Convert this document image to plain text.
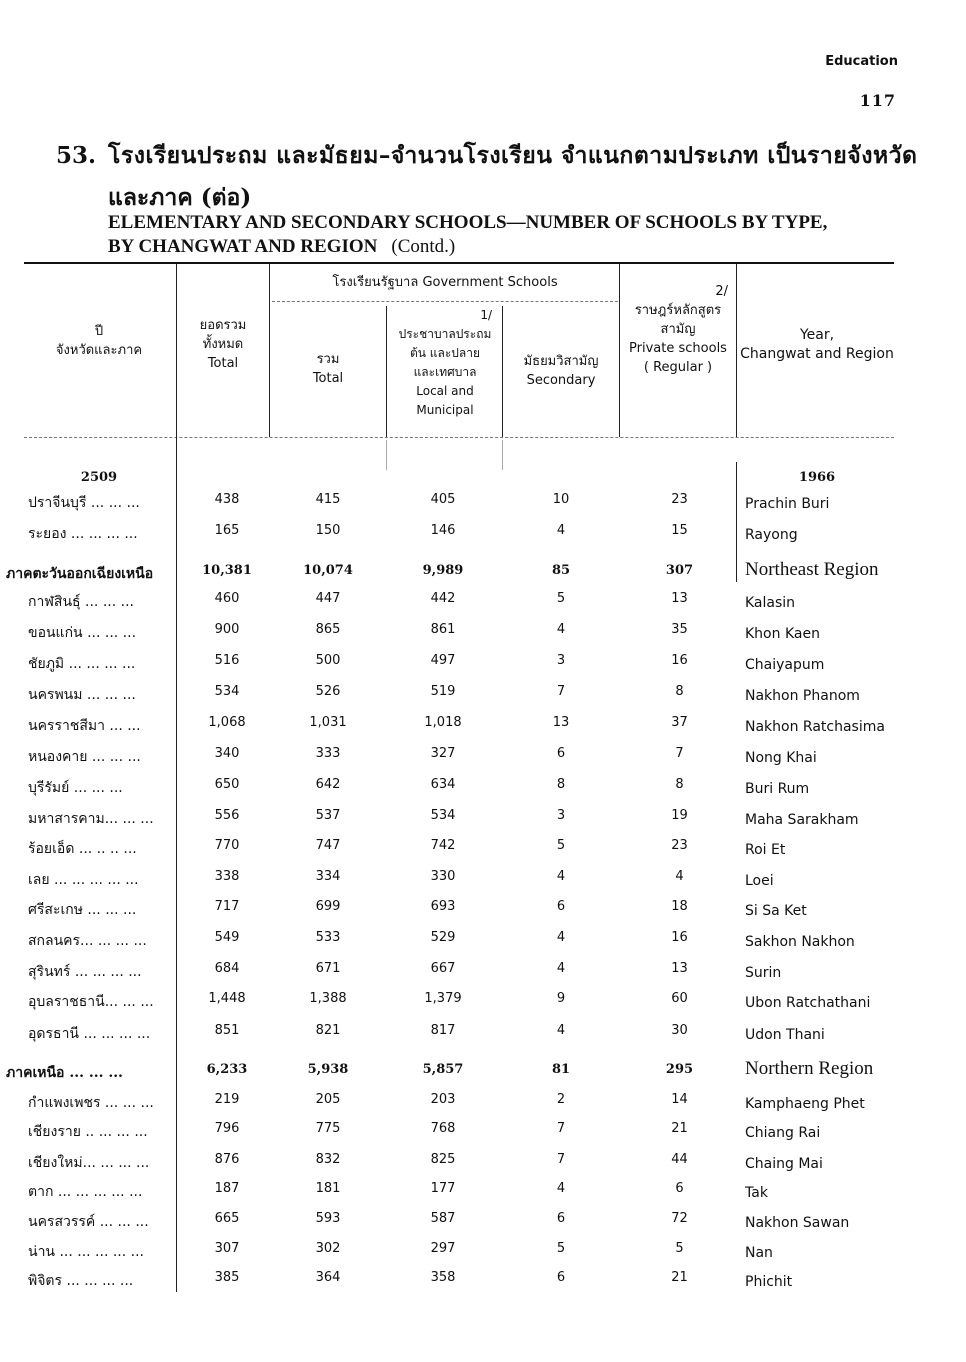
Education
117
53. โรงเรียนประถม และมัธยม–จำนวนโรงเรียน จำแนกตามประเภท เป็นรายจังหวัด
และภาค (ต่อ)
ELEMENTARY AND SECONDARY SCHOOLS—NUMBER OF SCHOOLS BY TYPE,
BY CHANGWAT AND REGION (Contd.)
ปี
จังหวัดและภาค
ยอดรวม ทั้งหมด
Total
โรงเรียนรัฐบาล Government Schools
รวม
Total
1/
ประชาบาลประถม
ต้น และปลาย
และเทศบาล
Local and
Municipal
มัธยมวิสามัญ
Secondary
2/
ราษฎร์หลักสูตร
สามัญ
Private schools
( Regular )
Year,
Changwat and Region
2509	1966
ปราจีนบุรี ... ... ...	438	415	405	10	23	Prachin Buri
ระยอง ... ... ... ...	165	150	146	4	15	Rayong
ภาคตะวันออกเฉียงเหนือ	10,381	10,074	9,989	85	307	Northeast Region
กาฬสินธุ์ ... ... ...	460	447	442	5	13	Kalasin
ขอนแก่น ... ... ...	900	865	861	4	35	Khon Kaen
ชัยภูมิ ... ... ... ...	516	500	497	3	16	Chaiyapum
นครพนม ... ... ...	534	526	519	7	8	Nakhon Phanom
นครราชสีมา ... ...	1,068	1,031	1,018	13	37	Nakhon Ratchasima
หนองคาย ... ... ...	340	333	327	6	7	Nong Khai
บุรีรัมย์ ... ... ...	650	642	634	8	8	Buri Rum
มหาสารคาม... ... ...	556	537	534	3	19	Maha Sarakham
ร้อยเอ็ด ... .. .. ...	770	747	742	5	23	Roi Et
เลย ... ... ... ... ...	338	334	330	4	4	Loei
ศรีสะเกษ ... ... ...	717	699	693	6	18	Si Sa Ket
สกลนคร... ... ... ...	549	533	529	4	16	Sakhon Nakhon
สุรินทร์ ... ... ... ...	684	671	667	4	13	Surin
อุบลราชธานี... ... ...	1,448	1,388	1,379	9	60	Ubon Ratchathani
อุดรธานี ... ... ... ...	851	821	817	4	30	Udon Thani
ภาคเหนือ ... ... ...	6,233	5,938	5,857	81	295	Northern Region
กำแพงเพชร ... ... ...	219	205	203	2	14	Kamphaeng Phet
เชียงราย .. ... ... ...	796	775	768	7	21	Chiang Rai
เชียงใหม่... ... ... ...	876	832	825	7	44	Chaing Mai
ตาก ... ... ... ... ...	187	181	177	4	6	Tak
นครสวรรค์ ... ... ...	665	593	587	6	72	Nakhon Sawan
น่าน ... ... ... ... ...	307	302	297	5	5	Nan
พิจิตร ... ... ... ...	385	364	358	6	21	Phichit
